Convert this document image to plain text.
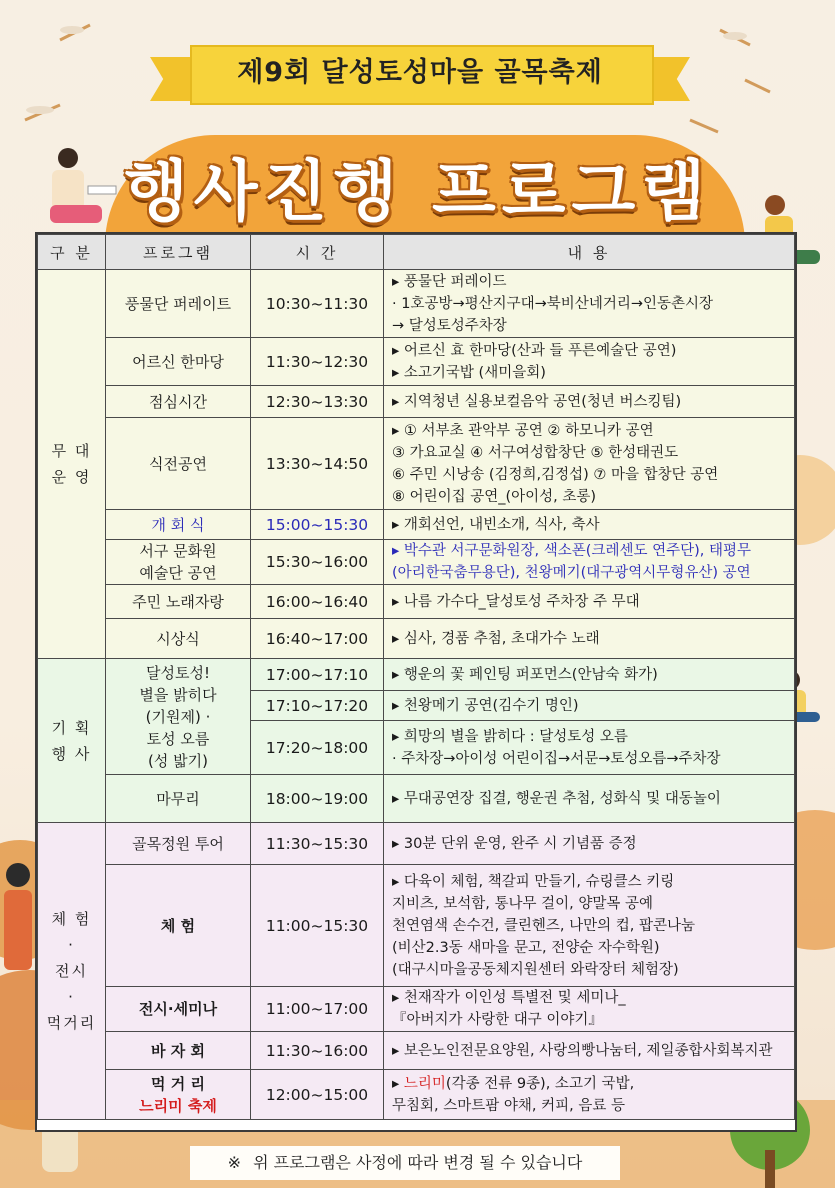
제9회 달성토성마을 골목축제
행사진행 프로그램
구 분	프로그램	시 간	내 용

무 대
운 영	풍물단 퍼레이트	10:30~11:30	▸ 풍물단 퍼레이드
· 1호공방→평산지구대→북비산네거리→인동촌시장
→ 달성토성주차장

	어르신 한마당	11:30~12:30	▸ 어르신 효 한마당(산과 들 푸른예술단 공연)
▸ 소고기국밥 (새미을회)

	점심시간	12:30~13:30	▸ 지역청년 실용보컬음악 공연(청년 버스킹팀)

	식전공연	13:30~14:50	▸ ① 서부초 관악부 공연 ② 하모니카 공연
③ 가요교실 ④ 서구여성합창단 ⑤ 한성태권도
⑥ 주민 시낭송 (김정희,김정섭) ⑦ 마을 합창단 공연
⑧ 어린이집 공연_(아이성, 초롱)

	개 회 식	15:00~15:30	▸ 개회선언, 내빈소개, 식사, 축사

	서구 문화원
예술단 공연	15:30~16:00	▸ 박수관 서구문화원장, 색소폰(크레센도 연주단), 태평무
(아리한국춤무용단), 천왕메기(대구광역시무형유산) 공연

	주민 노래자랑	16:00~16:40	▸ 나름 가수다_달성토성 주차장 주 무대

	시상식	16:40~17:00	▸ 심사, 경품 추첨, 초대가수 노래

기 획
행 사	달성토성!
별을 밝히다
(기원제) ·
토성 오름
(성 밟기)	17:00~17:10	▸ 행운의 꽃 페인팅 퍼포먼스(안남숙 화가)

		17:10~17:20	▸ 천왕메기 공연(김수기 명인)

		17:20~18:00	▸ 희망의 별을 밝히다 : 달성토성 오름
· 주차장→아이성 어린이집→서문→토성오름→주차장

	마무리	18:00~19:00	▸ 무대공연장 집결, 행운권 추첨, 성화식 및 대동놀이

체 험
·
전시
·
먹거리	골목정원 투어	11:30~15:30	▸ 30분 단위 운영, 완주 시 기념품 증정

	체 험	11:00~15:30	▸ 다육이 체험, 책갈피 만들기, 슈링클스 키링
지비츠, 보석함, 통나무 걸이, 양말목 공예
천연염색 손수건, 클린헨즈, 나만의 컵, 팝콘나눔
(비산2.3동 새마을 문고, 전양순 자수학원)
(대구시마을공동체지원센터 와락장터 체험장)

	전시·세미나	11:00~17:00	▸ 천재작가 이인성 특별전 및 세미나_
『아버지가 사랑한 대구 이야기』

	바 자 회	11:30~16:00	▸ 보은노인전문요양원, 사랑의빵나눔터, 제일종합사회복지관

	먹 거 리
느리미 축제	12:00~15:00	▸ 느리미(각종 전류 9종), 소고기 국밥,
무침회, 스마트팜 야채, 커피, 음료 등
※ 위 프로그램은 사정에 따라 변경 될 수 있습니다
